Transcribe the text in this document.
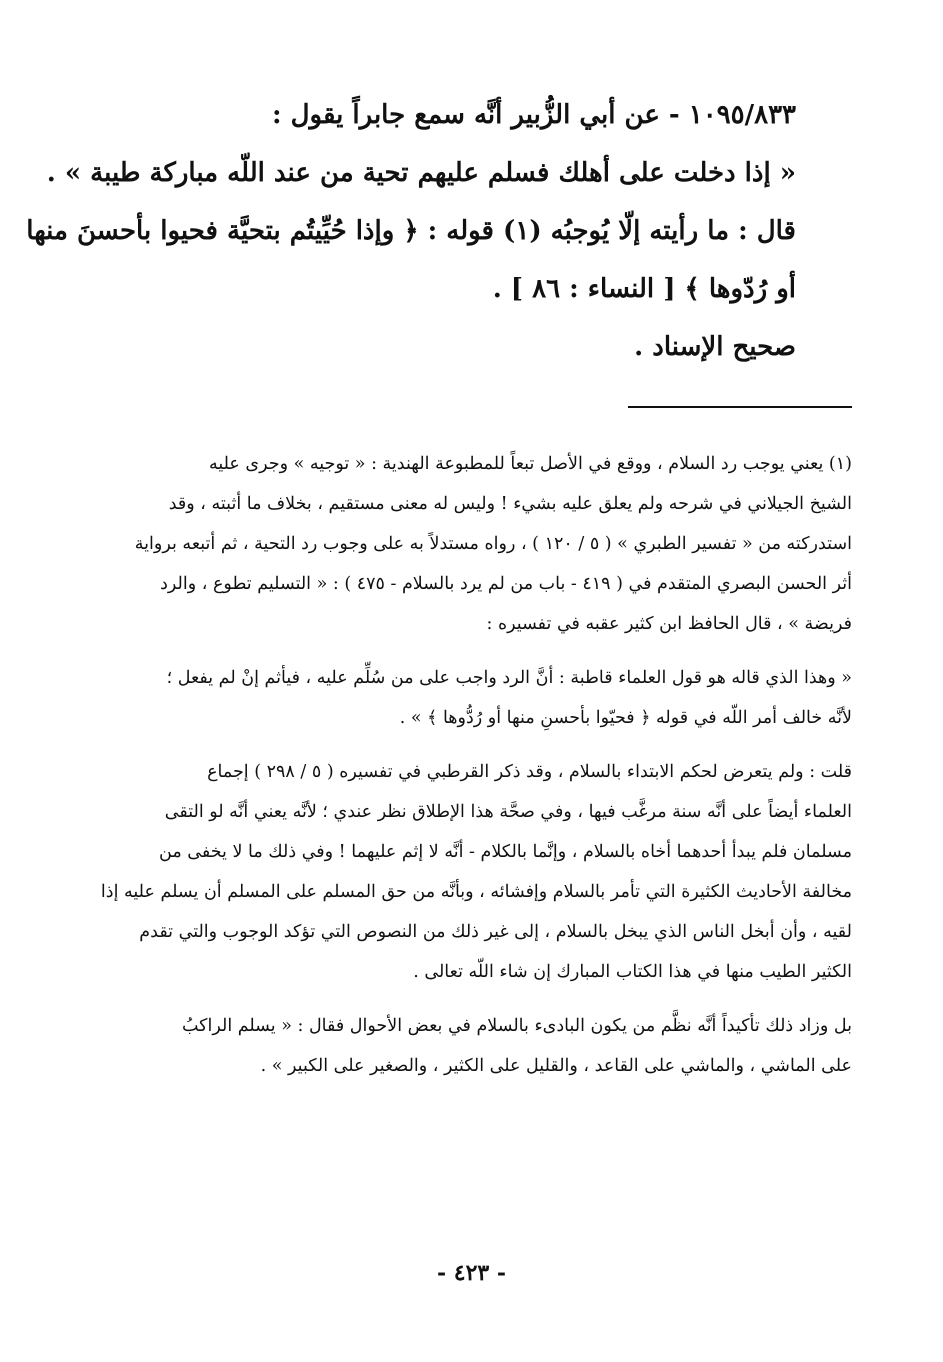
١٠٩٥/٨٣٣ - عن أبي الزُّبير أنَّه سمع جابراً يقول :
« إذا دخلت على أهلك فسلم عليهم تحية من عند اللّه مباركة طيبة » .
قال : ما رأيته إلّا يُوجبُه (١) قوله : ﴿ وإذا حُيِّيتُم بتحيَّة فحيوا بأحسنَ منها
أو رُدّوها ﴾ [ النساء : ٨٦ ] .
صحيح الإسناد .
(١) يعني يوجب رد السلام ، ووقع في الأصل تبعاً للمطبوعة الهندية : « توجيه » وجرى عليه
الشيخ الجيلاني في شرحه ولم يعلق عليه بشيء ! وليس له معنى مستقيم ، بخلاف ما أثبته ، وقد
استدركته من « تفسير الطبري » ( ٥ / ١٢٠ ) ، رواه مستدلاً به على وجوب رد التحية ، ثم أتبعه برواية
أثر الحسن البصري المتقدم في ( ٤١٩ - باب من لم يرد بالسلام - ٤٧٥ ) : « التسليم تطوع ، والرد
فريضة » ، قال الحافظ ابن كثير عقبه في تفسيره :
« وهذا الذي قاله هو قول العلماء قاطبة : أنَّ الرد واجب على من سُلِّم عليه ، فيأثم إنْ لم يفعل ؛
لأنَّه خالف أمر اللّه في قوله ﴿ فحيّوا بأحسنِ منها أو رُدُّوها ﴾ » .
قلت : ولم يتعرض لحكم الابتداء بالسلام ، وقد ذكر القرطبي في تفسيره ( ٥ / ٢٩٨ ) إجماع
العلماء أيضاً على أنَّه سنة مرغَّب فيها ، وفي صحَّة هذا الإطلاق نظر عندي ؛ لأنَّه يعني أنَّه لو التقى
مسلمان فلم يبدأ أحدهما أخاه بالسلام ، وإنَّما بالكلام - أنَّه لا إثم عليهما ! وفي ذلك ما لا يخفى من
مخالفة الأحاديث الكثيرة التي تأمر بالسلام وإفشائه ، وبأنَّه من حق المسلم على المسلم أن يسلم عليه إذا
لقيه ، وأن أبخل الناس الذي يبخل بالسلام ، إلى غير ذلك من النصوص التي تؤكد الوجوب والتي تقدم
الكثير الطيب منها في هذا الكتاب المبارك إن شاء اللّه تعالى .
بل وزاد ذلك تأكيداً أنَّه نظَّم من يكون البادىء بالسلام في بعض الأحوال فقال : « يسلم الراكبُ
على الماشي ، والماشي على القاعد ، والقليل على الكثير ، والصغير على الكبير » .
- ٤٢٣ -
